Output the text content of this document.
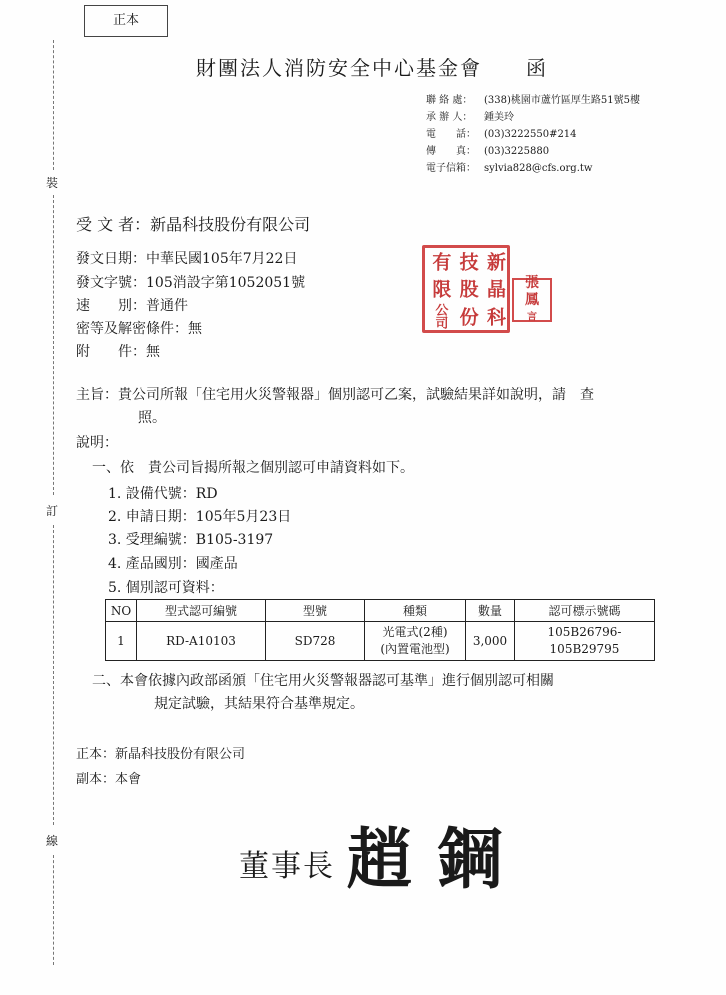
正本
裝
訂
線
財團法人消防安全中心基金會　　函
聯 絡 處： (338)桃園市蘆竹區厚生路51號5樓
承 辦 人： 鍾美玲
電　　話： (03)3222550#214
傳　　真： (03)3225880
電子信箱： sylvia828@cfs.org.tw
受 文 者：新晶科技股份有限公司
發文日期：中華民國105年7月22日
發文字號：105消設字第1052051號
速　　別：普通件
密等及解密條件：無
附　　件：無
新
晶
科
技
股
份
有
限
公司
張
鳳
言
主旨：貴公司所報「住宅用火災警報器」個別認可乙案，試驗結果詳如說明，請　查
照。
說明：
一、依　貴公司旨揭所報之個別認可申請資料如下。
1. 設備代號：RD
2. 申請日期：105年5月23日
3. 受理編號：B105-3197
4. 產品國別：國產品
5. 個別認可資料：
NO	型式認可編號	型號	種類	數量	認可標示號碼
1	RD-A10103	SD728	光電式(2種)
(內置電池型)	3,000	105B26796-105B29795
二、本會依據內政部函頒「住宅用火災警報器認可基準」進行個別認可相關
規定試驗，其結果符合基準規定。
正本：新晶科技股份有限公司
副本：本會
董事長 趙鋼
